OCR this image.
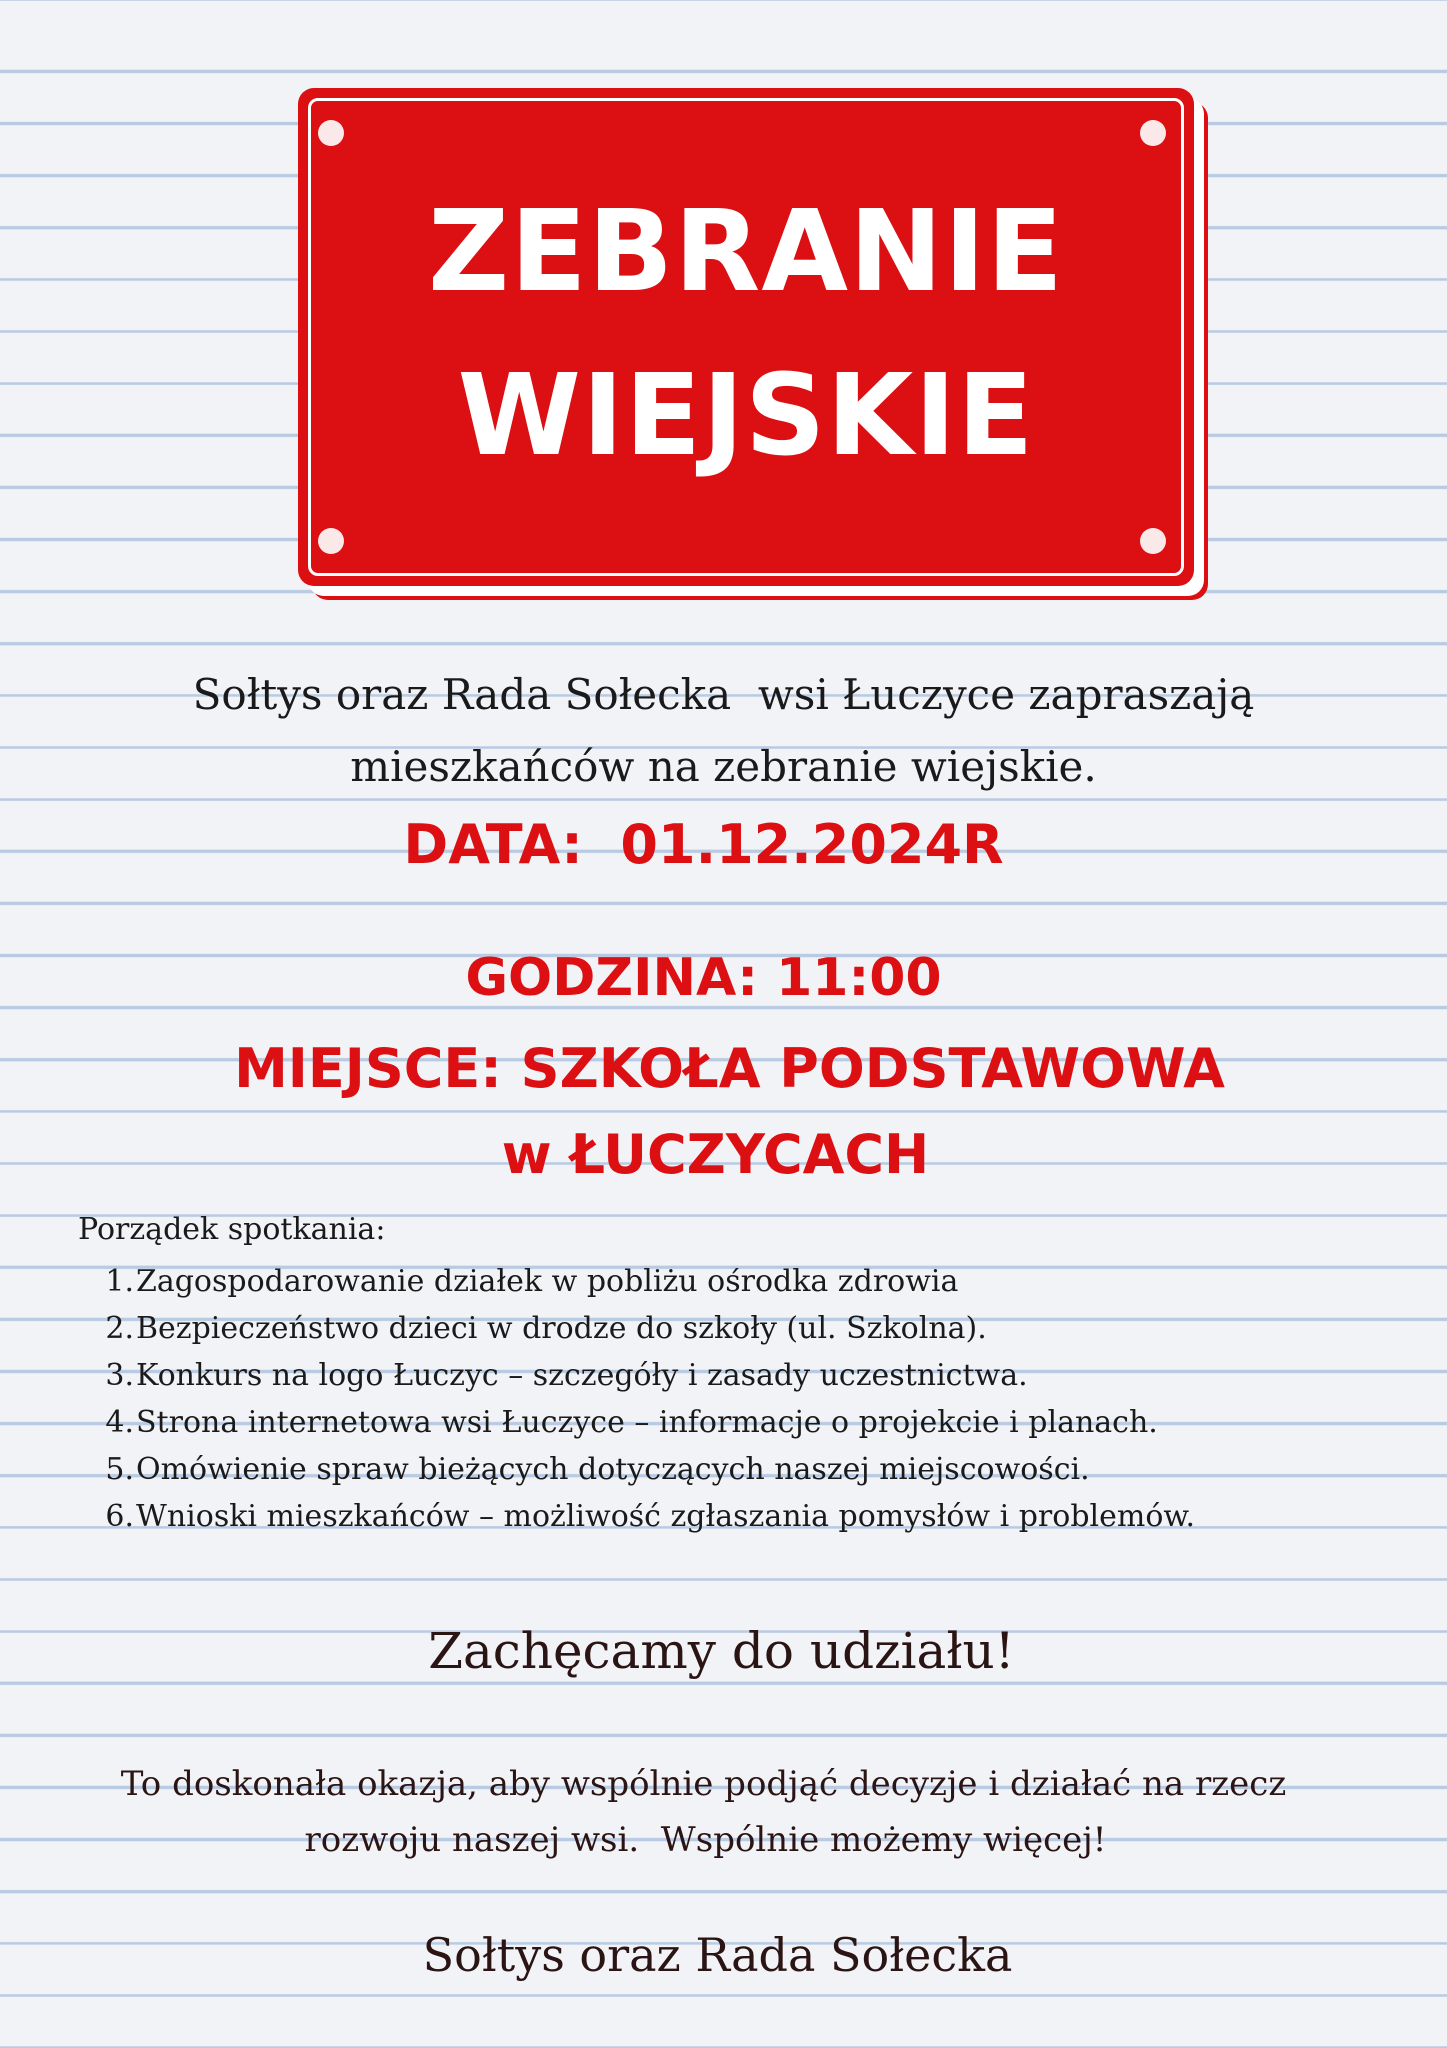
ZEBRANIE
WIEJSKIE
Sołtys oraz Rada Sołecka  wsi Łuczyce zapraszają
mieszkańców na zebranie wiejskie.
DATA:  01.12.2024R
GODZINA: 11:00
MIEJSCE: SZKOŁA PODSTAWOWA
w ŁUCZYCACH
Porządek spotkania:
1. Zagospodarowanie działek w pobliżu ośrodka zdrowia
2. Bezpieczeństwo dzieci w drodze do szkoły (ul. Szkolna).
3. Konkurs na logo Łuczyc – szczegóły i zasady uczestnictwa.
4. Strona internetowa wsi Łuczyce – informacje o projekcie i planach.
5. Omówienie spraw bieżących dotyczących naszej miejscowości.
6. Wnioski mieszkańców – możliwość zgłaszania pomysłów i problemów.
Zachęcamy do udziału!
To doskonała okazja, aby wspólnie podjąć decyzje i działać na rzecz
rozwoju naszej wsi.  Wspólnie możemy więcej!
Sołtys oraz Rada Sołecka
